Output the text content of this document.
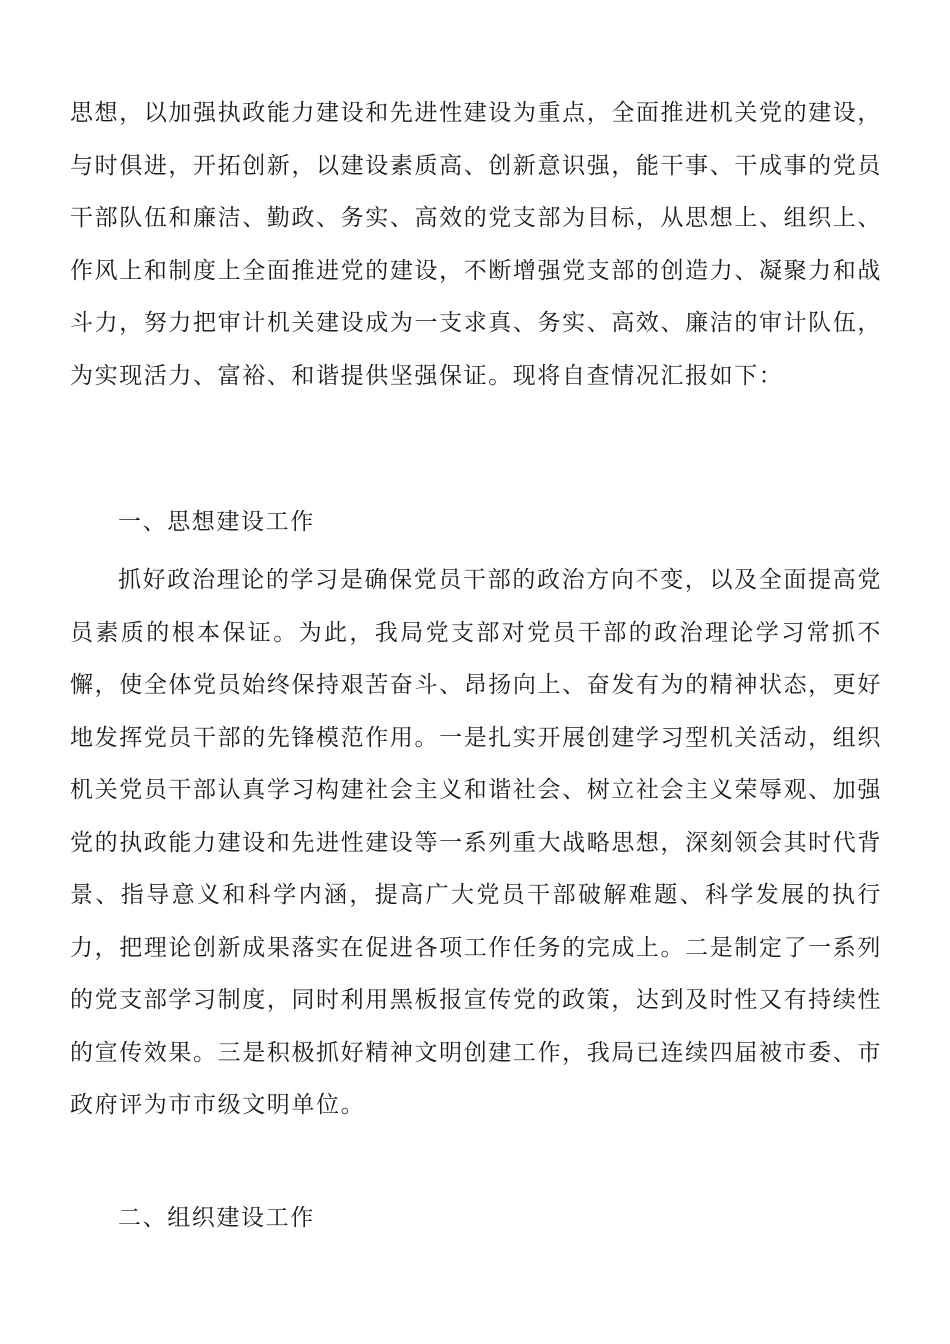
思想，以加强执政能力建设和先进性建设为重点，全面推进机关党的建设，与时俱进，开拓创新，以建设素质高、创新意识强，能干事、干成事的党员干部队伍和廉洁、勤政、务实、高效的党支部为目标，从思想上、组织上、作风上和制度上全面推进党的建设，不断增强党支部的创造力、凝聚力和战斗力，努力把审计机关建设成为一支求真、务实、高效、廉洁的审计队伍，为实现活力、富裕、和谐提供坚强保证。现将自查情况汇报如下：

一、思想建设工作

抓好政治理论的学习是确保党员干部的政治方向不变，以及全面提高党员素质的根本保证。为此，我局党支部对党员干部的政治理论学习常抓不懈，使全体党员始终保持艰苦奋斗、昂扬向上、奋发有为的精神状态，更好地发挥党员干部的先锋模范作用。一是扎实开展创建学习型机关活动，组织机关党员干部认真学习构建社会主义和谐社会、树立社会主义荣辱观、加强党的执政能力建设和先进性建设等一系列重大战略思想，深刻领会其时代背景、指导意义和科学内涵，提高广大党员干部破解难题、科学发展的执行力，把理论创新成果落实在促进各项工作任务的完成上。二是制定了一系列的党支部学习制度，同时利用黑板报宣传党的政策，达到及时性又有持续性的宣传效果。三是积极抓好精神文明创建工作，我局已连续四届被市委、市政府评为市市级文明单位。

二、组织建设工作
